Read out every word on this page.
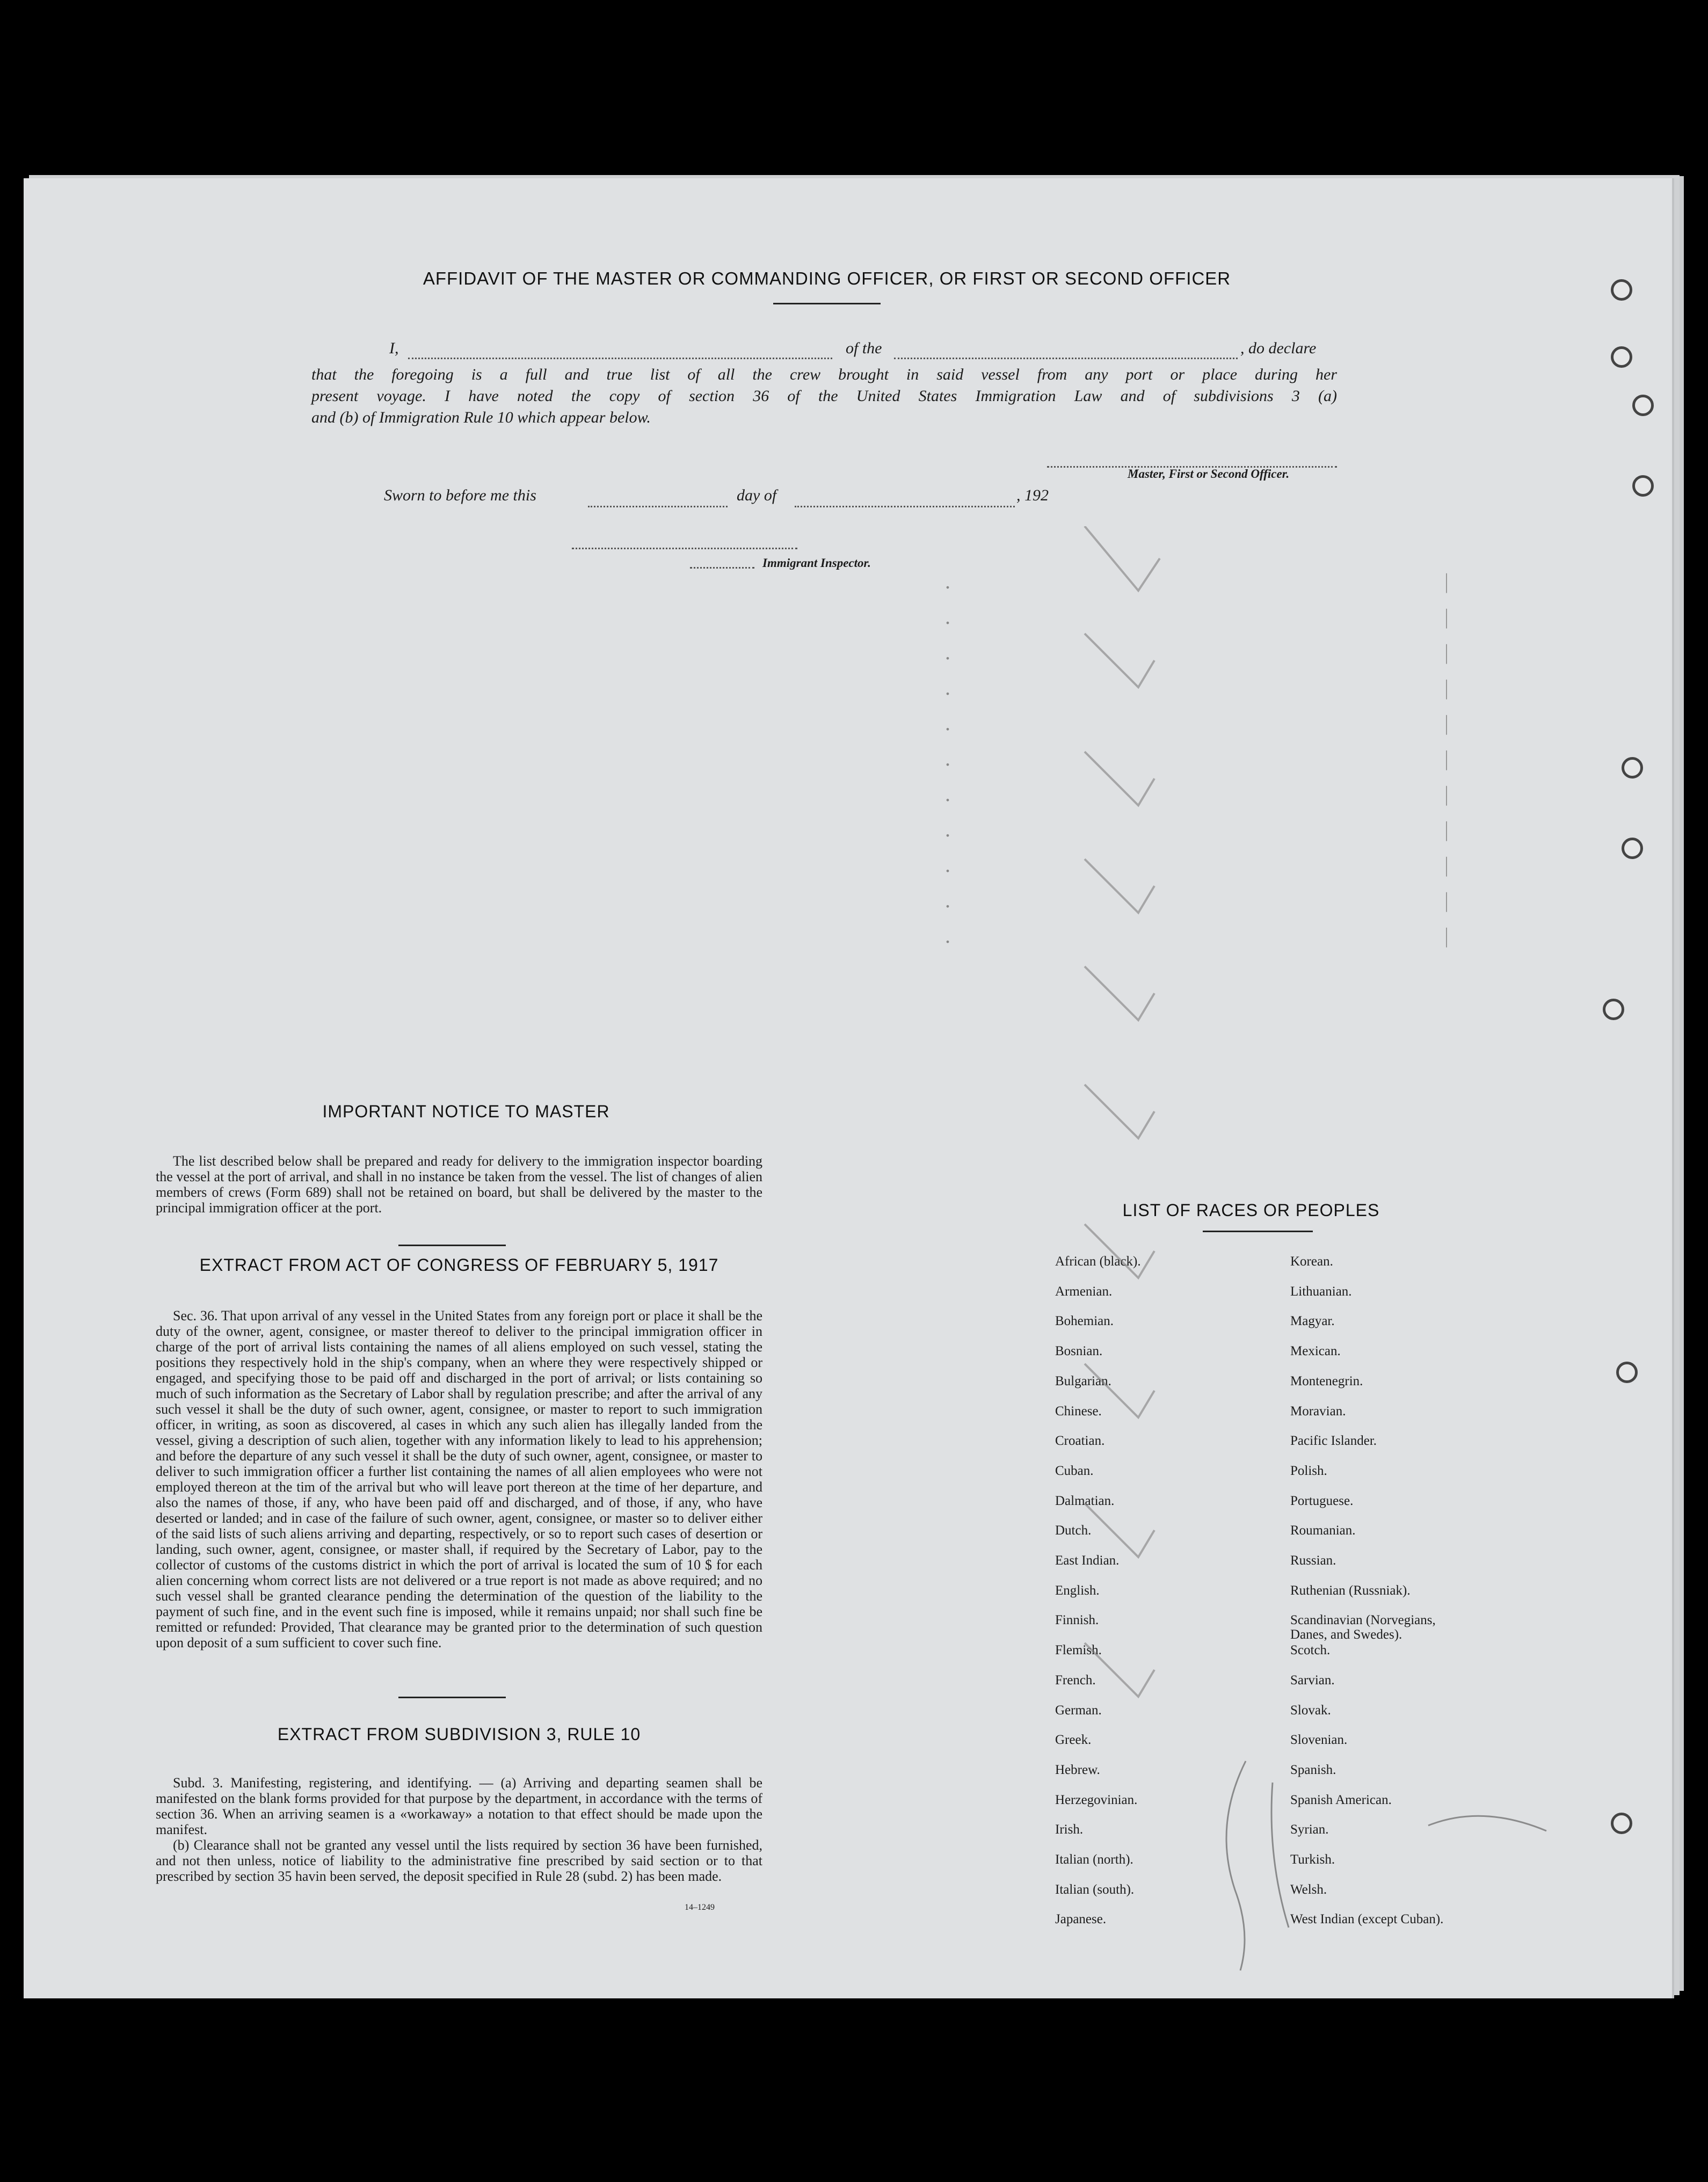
AFFIDAVIT OF THE MASTER OR COMMANDING OFFICER, OR FIRST OR SECOND OFFICER
I,	of the	, do declare
that the foregoing is a full and true list of all the crew brought in said vessel from any port or place during her
present voyage. I have noted the copy of section 36 of the United States Immigration Law and of subdivisions 3 (a)
and (b) of Immigration Rule 10 which appear below.
Master, First or Second Officer.
Sworn to before me this	day of	, 192
Immigrant Inspector.
IMPORTANT NOTICE TO MASTER
The list described below shall be prepared and ready for delivery to the immigration inspector boarding the vessel at the port of arrival, and shall in no instance be taken from the vessel. The list of changes of alien members of crews (Form 689) shall not be retained on board, but shall be delivered by the master to the principal immigration officer at the port.
EXTRACT FROM ACT OF CONGRESS OF FEBRUARY 5, 1917
Sec. 36. That upon arrival of any vessel in the United States from any foreign port or place it shall be the duty of the owner, agent, consignee, or master thereof to deliver to the principal immigration officer in charge of the port of arrival lists containing the names of all aliens employed on such vessel, stating the positions they respectively hold in the ship's company, when an where they were respectively shipped or engaged, and specifying those to be paid off and discharged in the port of arrival; or lists containing so much of such information as the Secretary of Labor shall by regulation prescribe; and after the arrival of any such vessel it shall be the duty of such owner, agent, consignee, or master to report to such immigration officer, in writing, as soon as discovered, al cases in which any such alien has illegally landed from the vessel, giving a description of such alien, together with any information likely to lead to his apprehension; and before the departure of any such vessel it shall be the duty of such owner, agent, consignee, or master to deliver to such immigration officer a further list containing the names of all alien employees who were not employed thereon at the tim of the arrival but who will leave port thereon at the time of her departure, and also the names of those, if any, who have been paid off and discharged, and of those, if any, who have deserted or landed; and in case of the failure of such owner, agent, consignee, or master so to deliver either of the said lists of such aliens arriving and departing, respectively, or so to report such cases of desertion or landing, such owner, agent, consignee, or master shall, if required by the Secretary of Labor, pay to the collector of customs of the customs district in which the port of arrival is located the sum of 10 $ for each alien concerning whom correct lists are not delivered or a true report is not made as above required; and no such vessel shall be granted clearance pending the determination of the question of the liability to the payment of such fine, and in the event such fine is imposed, while it remains unpaid; nor shall such fine be remitted or refunded: Provided, That clearance may be granted prior to the determination of such question upon deposit of a sum sufficient to cover such fine.
EXTRACT FROM SUBDIVISION 3, RULE 10
Subd. 3. Manifesting, registering, and identifying. — (a) Arriving and departing seamen shall be manifested on the blank forms provided for that purpose by the department, in accordance with the terms of section 36. When an arriving seamen is a «workaway» a notation to that effect should be made upon the manifest.
(b) Clearance shall not be granted any vessel until the lists required by section 36 have been furnished, and not then unless, notice of liability to the administrative fine prescribed by said section or to that prescribed by section 35 havin been served, the deposit specified in Rule 28 (subd. 2) has been made.
14–1249
LIST OF RACES OR PEOPLES
African (black).
Armenian.
Bohemian.
Bosnian.
Bulgarian.
Chinese.
Croatian.
Cuban.
Dalmatian.
Dutch.
East Indian.
English.
Finnish.
Flemish.
French.
German.
Greek.
Hebrew.
Herzegovinian.
Irish.
Italian (north).
Italian (south).
Japanese.
Korean.
Lithuanian.
Magyar.
Mexican.
Montenegrin.
Moravian.
Pacific Islander.
Polish.
Portuguese.
Roumanian.
Russian.
Ruthenian (Russniak).
Scandinavian (Norvegians, Danes, and Swedes).
Scotch.
Sarvian.
Slovak.
Slovenian.
Spanish.
Spanish American.
Syrian.
Turkish.
Welsh.
West Indian (except Cuban).
.
.
.
.
.
.
.
.
.
.
.
|
|
|
|
|
|
|
|
|
|
|
